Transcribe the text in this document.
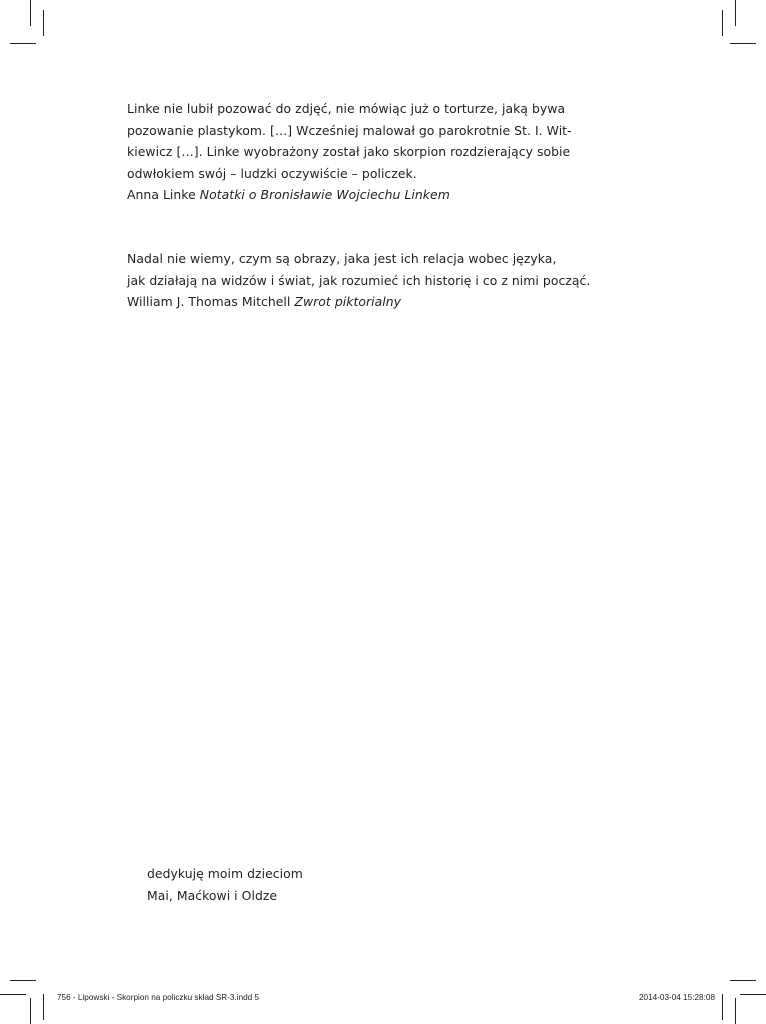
Linke nie lubił pozować do zdjęć, nie mówiąc już o torturze, jaką bywa

pozowanie plastykom. […] Wcześniej malował go parokrotnie St. I. Wit-

kiewicz […]. Linke wyobrażony został jako skorpion rozdzierający sobie

odwłokiem swój – ludzki oczywiście – policzek.

Anna Linke Notatki o Bronisławie Wojciechu Linkem

Nadal nie wiemy, czym są obrazy, jaka jest ich relacja wobec języka,

jak działają na widzów i świat, jak rozumieć ich historię i co z nimi począć.

William J. Thomas Mitchell Zwrot piktorialny

dedykuję moim dzieciom

Mai, Maćkowi i Oldze

756 - Lipowski - Skorpion na policzku skład SR-3.indd 5	2014-03-04 15:28:08
